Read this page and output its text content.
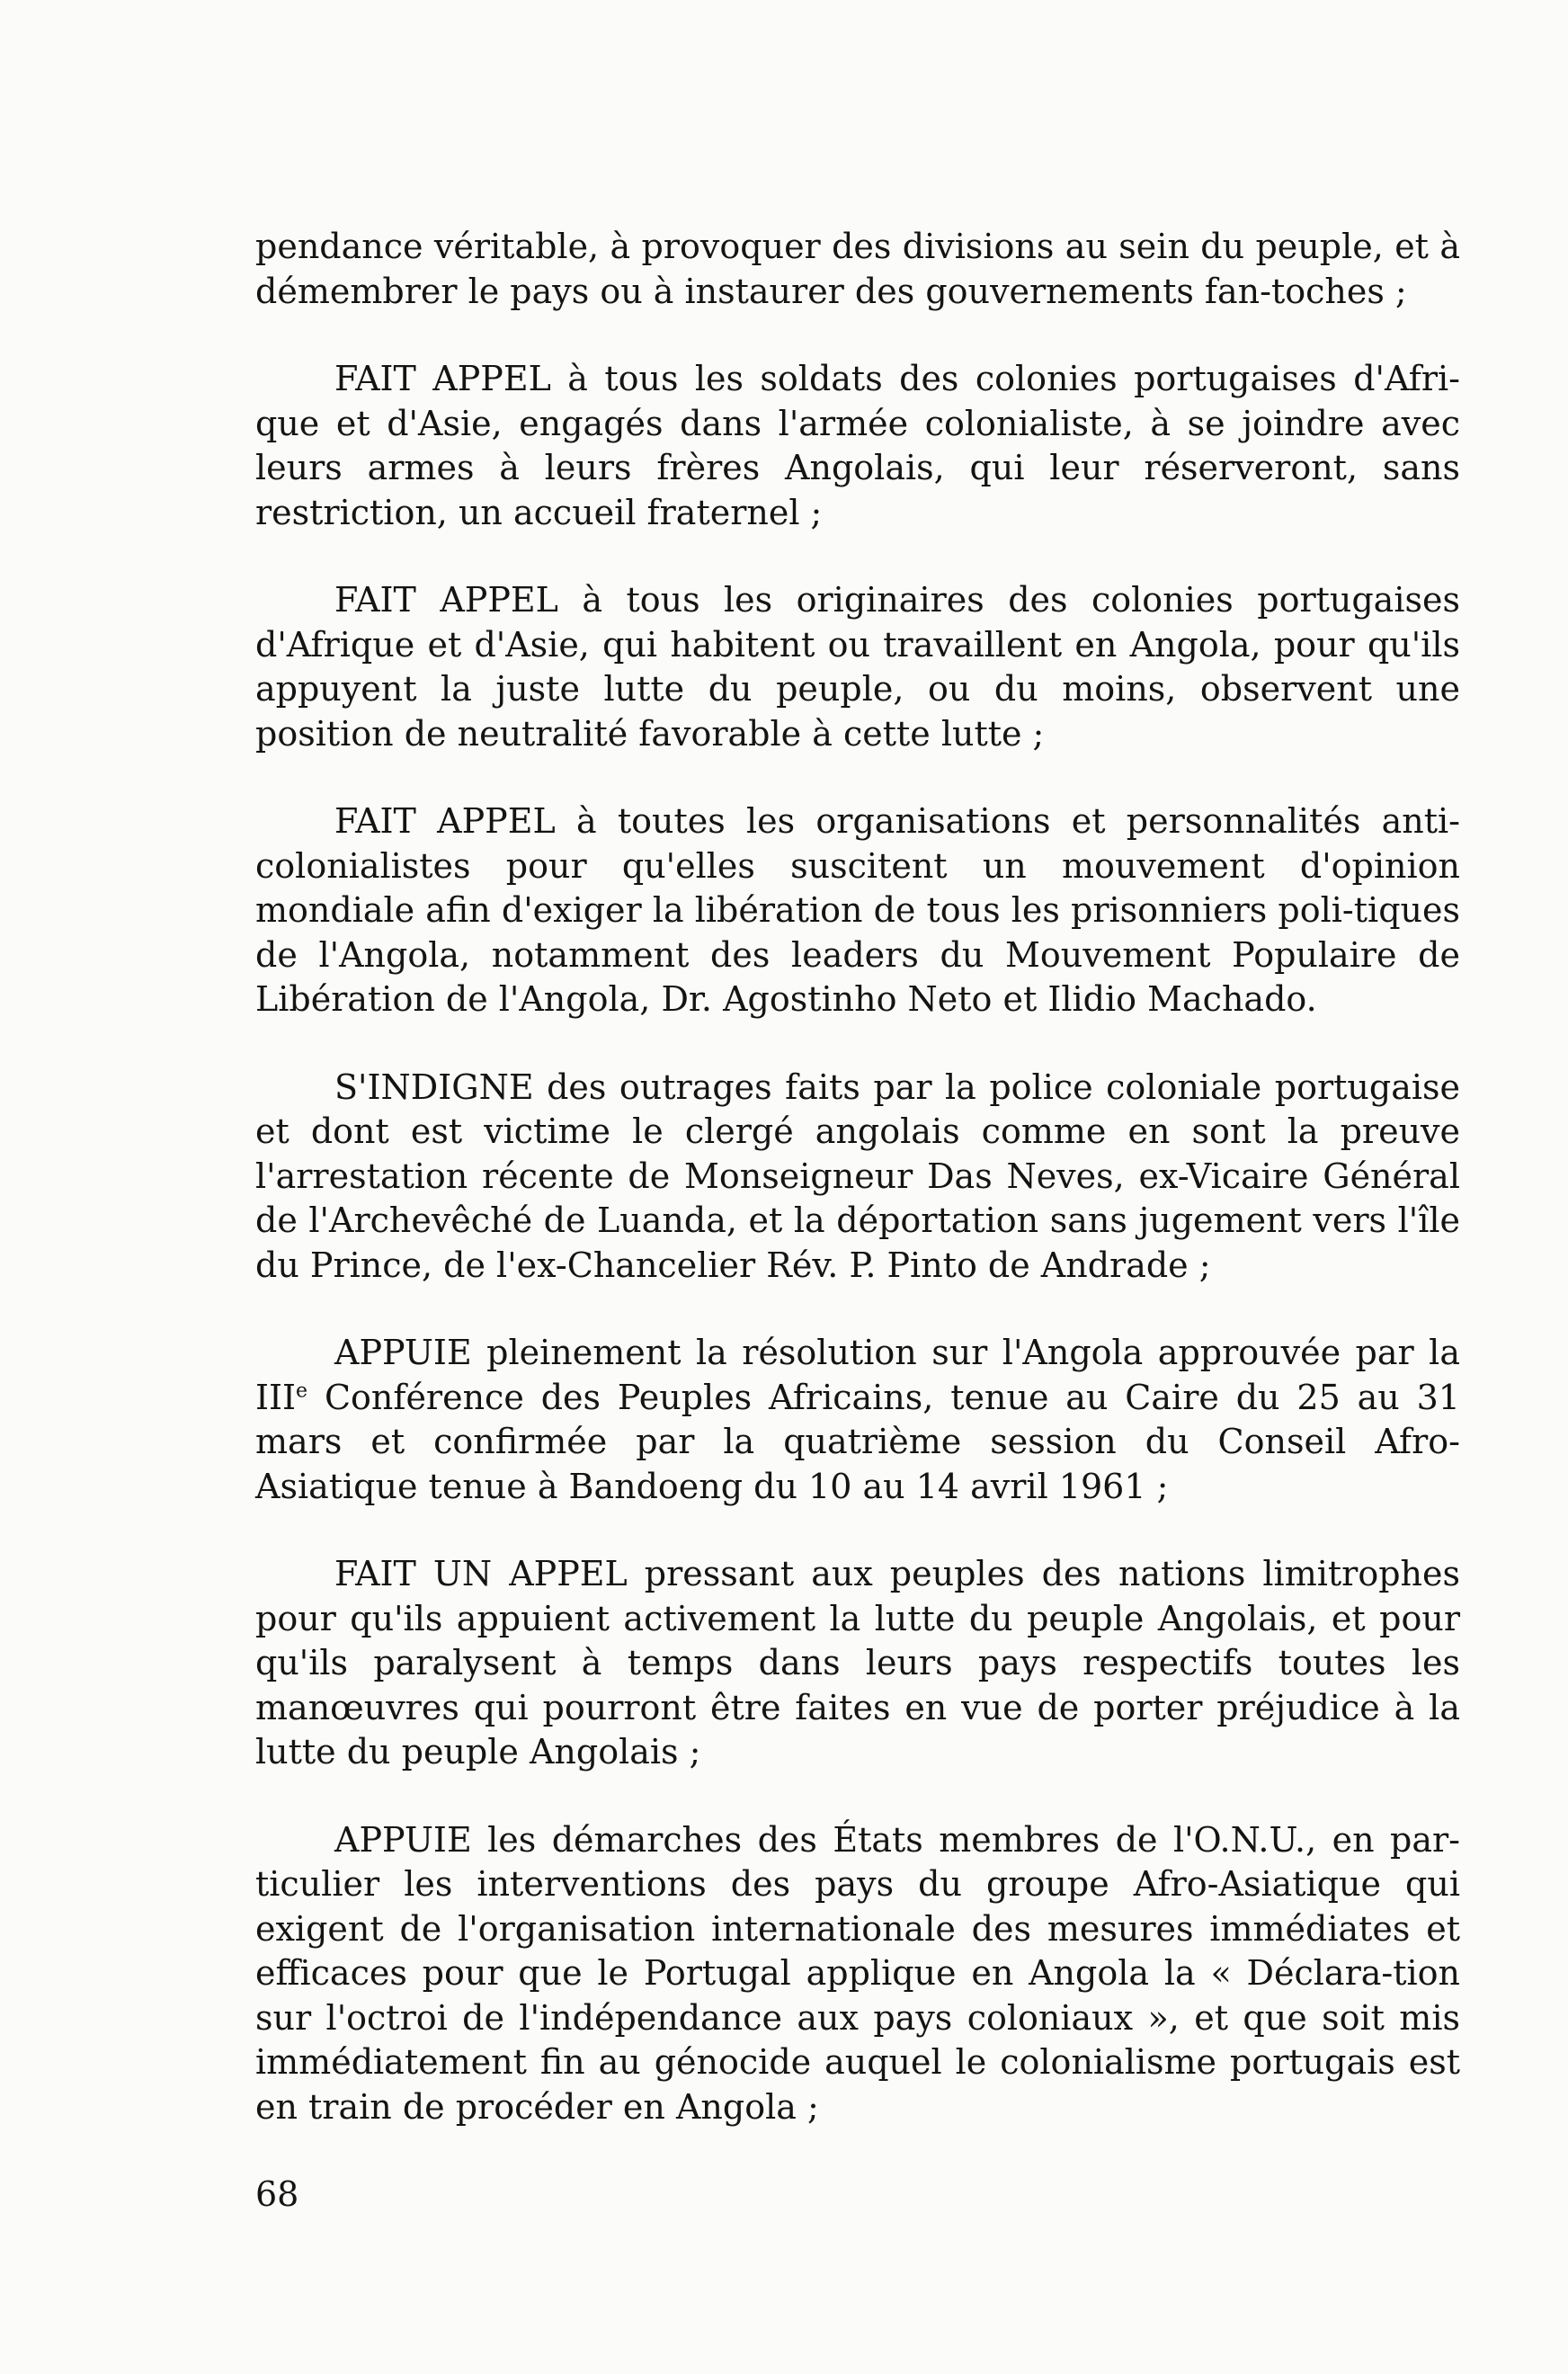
pendance véritable, à provoquer des divisions au sein du peuple, et à démembrer le pays ou à instaurer des gouvernements fan-toches ;

FAIT APPEL à tous les soldats des colonies portugaises d'Afri-que et d'Asie, engagés dans l'armée colonialiste, à se joindre avec leurs armes à leurs frères Angolais, qui leur réserveront, sans restriction, un accueil fraternel ;

FAIT APPEL à tous les originaires des colonies portugaises d'Afrique et d'Asie, qui habitent ou travaillent en Angola, pour qu'ils appuyent la juste lutte du peuple, ou du moins, observent une position de neutralité favorable à cette lutte ;

FAIT APPEL à toutes les organisations et personnalités anti-colonialistes pour qu'elles suscitent un mouvement d'opinion mondiale afin d'exiger la libération de tous les prisonniers poli-tiques de l'Angola, notamment des leaders du Mouvement Populaire de Libération de l'Angola, Dr. Agostinho Neto et Ilidio Machado.

S'INDIGNE des outrages faits par la police coloniale portugaise et dont est victime le clergé angolais comme en sont la preuve l'arrestation récente de Monseigneur Das Neves, ex-Vicaire Général de l'Archevêché de Luanda, et la déportation sans jugement vers l'île du Prince, de l'ex-Chancelier Rév. P. Pinto de Andrade ;

APPUIE pleinement la résolution sur l'Angola approuvée par la IIIe Conférence des Peuples Africains, tenue au Caire du 25 au 31 mars et confirmée par la quatrième session du Conseil Afro-Asiatique tenue à Bandoeng du 10 au 14 avril 1961 ;

FAIT UN APPEL pressant aux peuples des nations limitrophes pour qu'ils appuient activement la lutte du peuple Angolais, et pour qu'ils paralysent à temps dans leurs pays respectifs toutes les manœuvres qui pourront être faites en vue de porter préjudice à la lutte du peuple Angolais ;

APPUIE les démarches des États membres de l'O.N.U., en par-ticulier les interventions des pays du groupe Afro-Asiatique qui exigent de l'organisation internationale des mesures immédiates et efficaces pour que le Portugal applique en Angola la « Déclara-tion sur l'octroi de l'indépendance aux pays coloniaux », et que soit mis immédiatement fin au génocide auquel le colonialisme portugais est en train de procéder en Angola ;

68
